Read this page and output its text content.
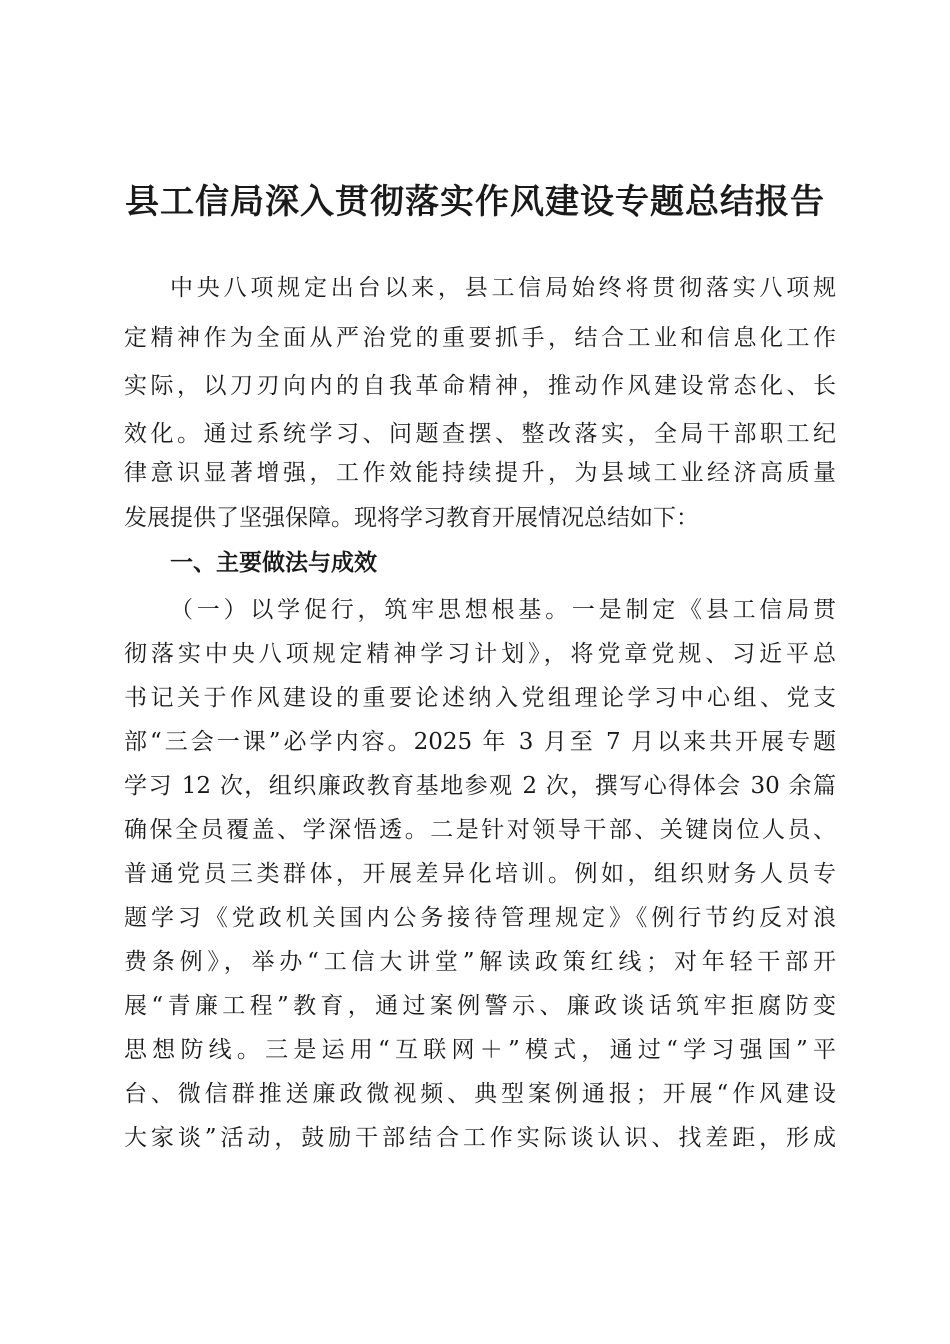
县工信局深入贯彻落实作风建设专题总结报告
中央八项规定出台以来，县工信局始终将贯彻落实八项规
定精神作为全面从严治党的重要抓手，结合工业和信息化工作
实际，以刀刃向内的自我革命精神，推动作风建设常态化、长
效化。通过系统学习、问题查摆、整改落实，全局干部职工纪
律意识显著增强，工作效能持续提升，为县域工业经济高质量
发展提供了坚强保障。现将学习教育开展情况总结如下：
一、主要做法与成效
（一）以学促行，筑牢思想根基。一是制定《县工信局贯
彻落实中央八项规定精神学习计划》，将党章党规、习近平总
书记关于作风建设的重要论述纳入党组理论学习中心组、党支
部“三会一课”必学内容。2025 年 3 月至 7 月以来共开展专题
学习 12 次，组织廉政教育基地参观 2 次，撰写心得体会 30 余篇
确保全员覆盖、学深悟透。二是针对领导干部、关键岗位人员、
普通党员三类群体，开展差异化培训。例如，组织财务人员专
题学习《党政机关国内公务接待管理规定》《例行节约反对浪
费条例》，举办“工信大讲堂”解读政策红线；对年轻干部开
展“青廉工程”教育，通过案例警示、廉政谈话筑牢拒腐防变
思想防线。三是运用“互联网＋”模式，通过“学习强国”平
台、微信群推送廉政微视频、典型案例通报；开展“作风建设
大家谈”活动，鼓励干部结合工作实际谈认识、找差距，形成
